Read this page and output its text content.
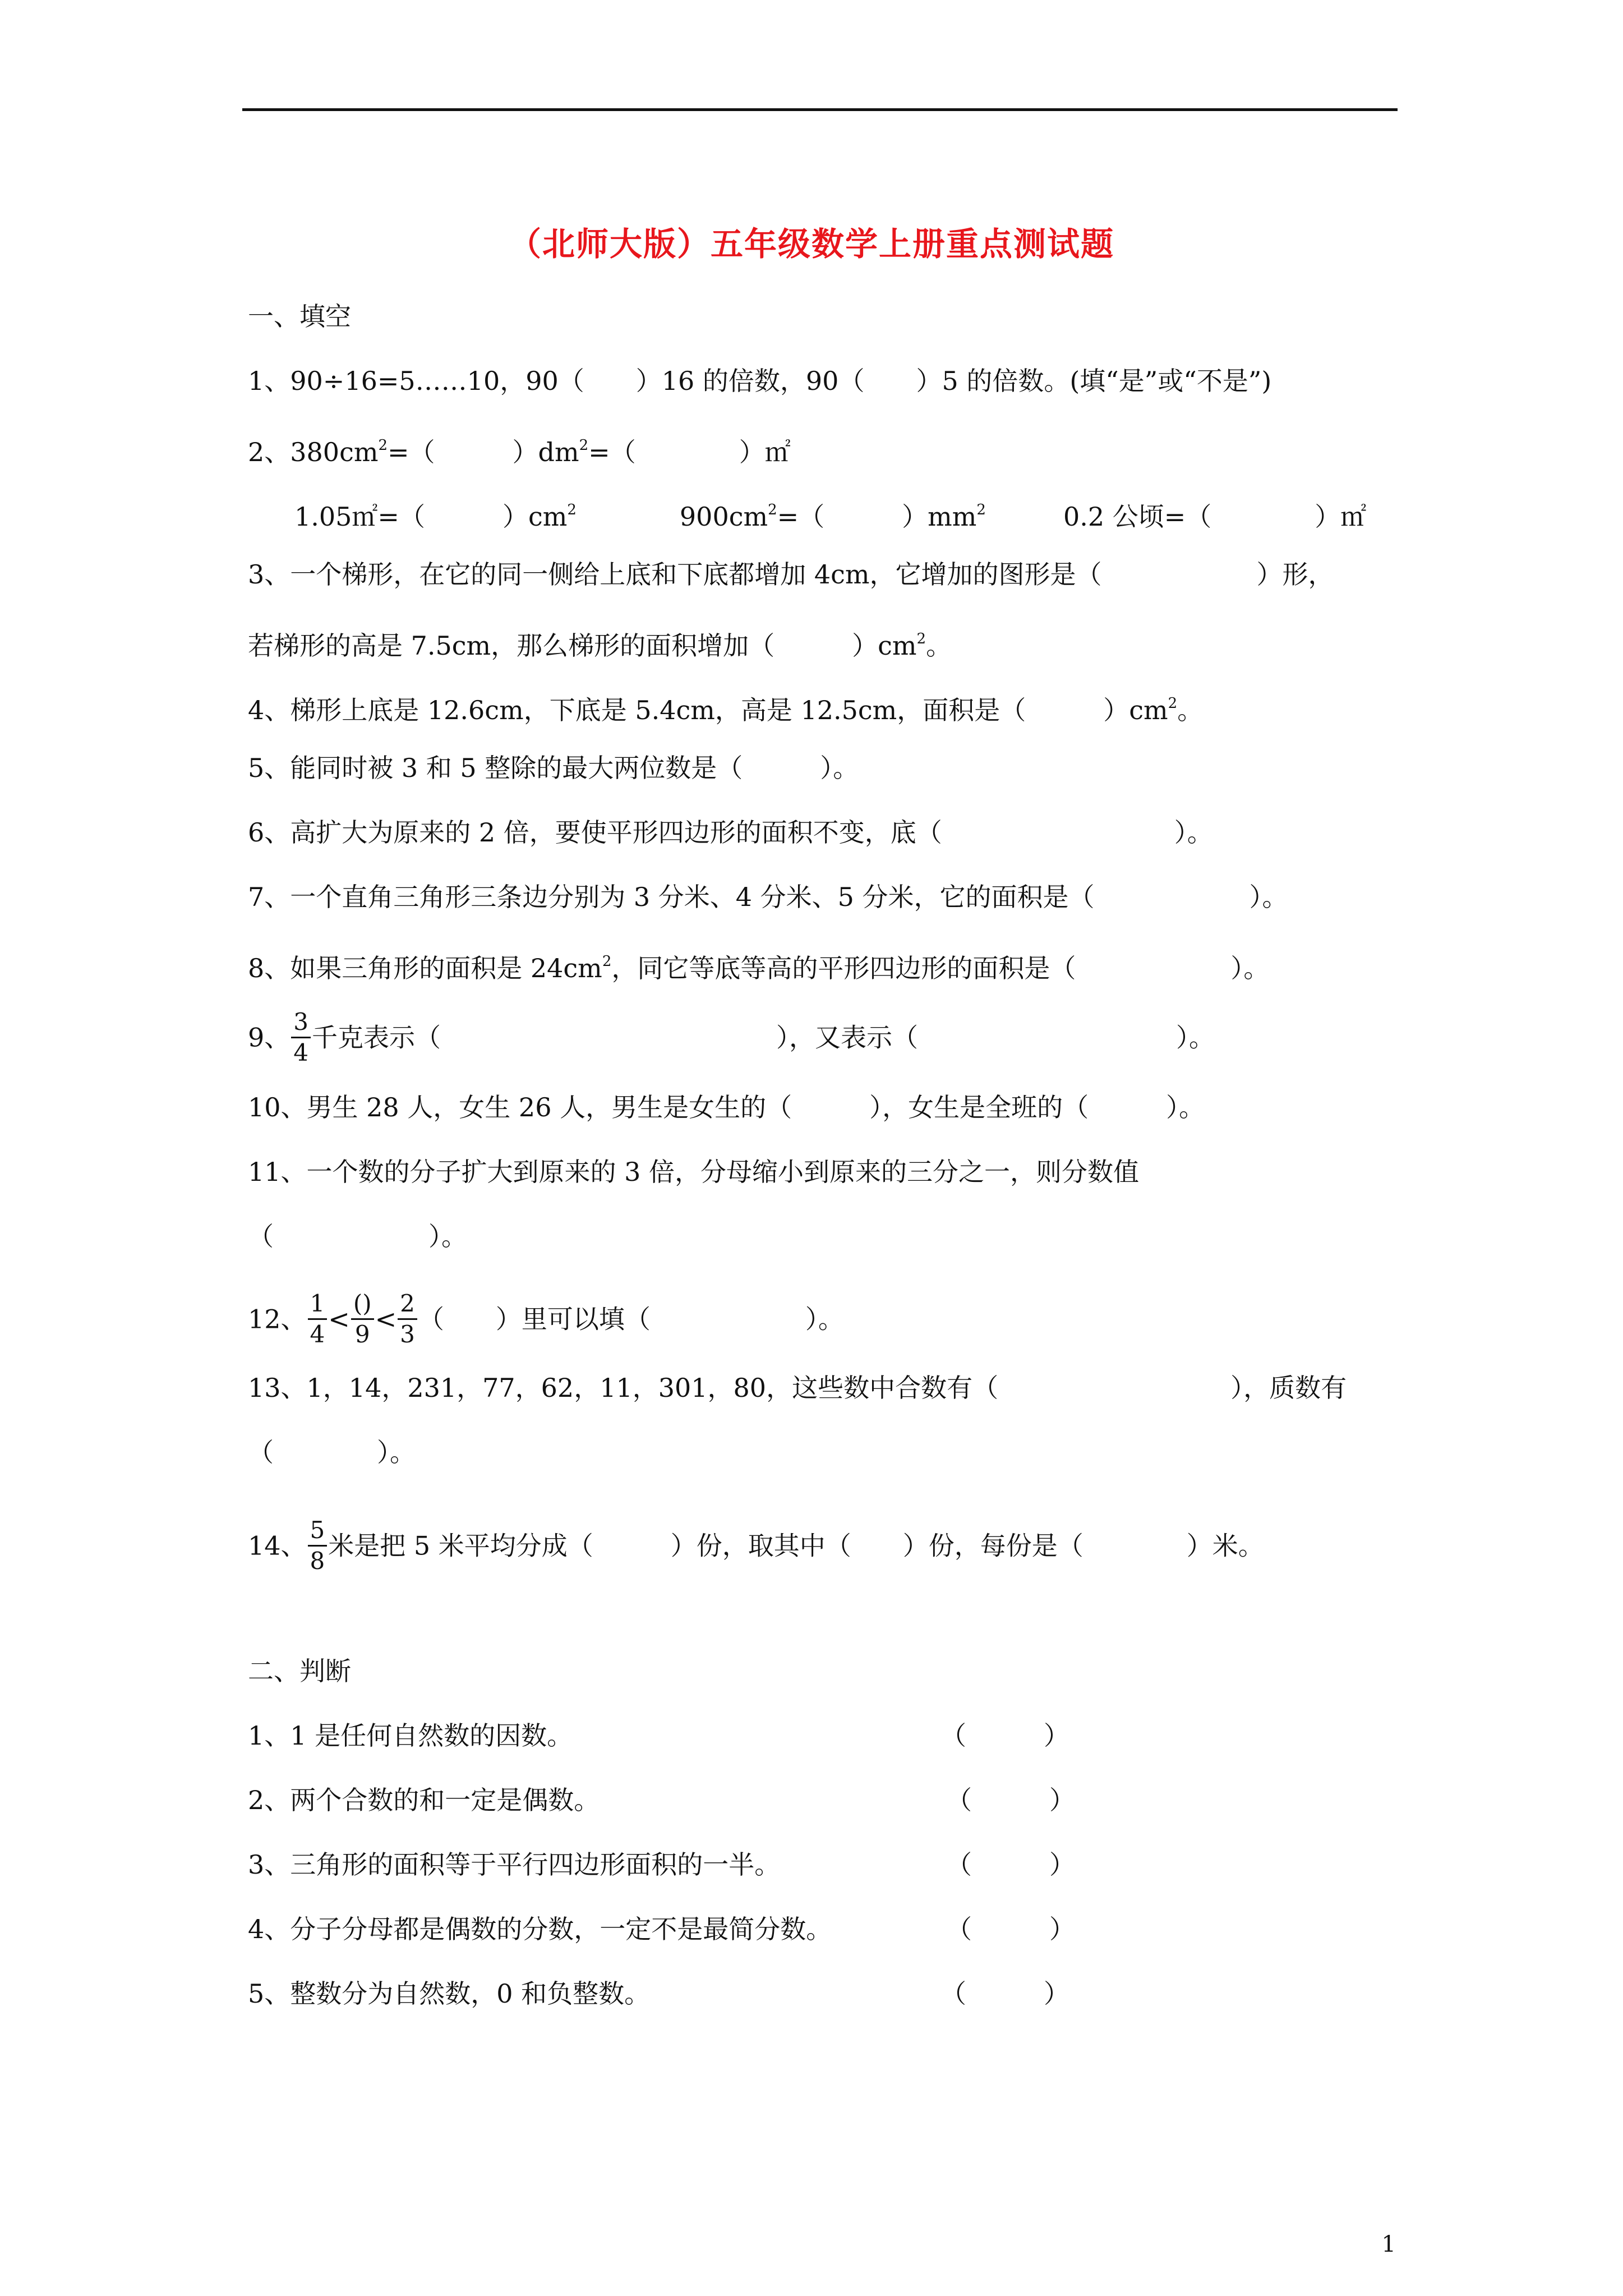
（北师大版）五年级数学上册重点测试题
一、填空
1、90÷16=5……10，90（　　）16 的倍数，90（　　）5 的倍数。(填“是”或“不是”)
2、$380cm^2=$（　　　）$dm^2=$（　　　　）㎡
1.05㎡=（　　　）$cm^2$　　　　$900cm^2=$（　　　）$mm^2$　　　0.2 公顷=（　　　　）㎡
3、一个梯形，在它的同一侧给上底和下底都增加 4cm，它增加的图形是（　　　　　　）形，
若梯形的高是 7.5cm，那么梯形的面积增加（　　　）$cm^2$。
4、梯形上底是 12.6cm，下底是 5.4cm，高是 12.5cm，面积是（　　　）$cm^2$。
5、能同时被 3 和 5 整除的最大两位数是（　　　）。
6、高扩大为原来的 2 倍，要使平形四边形的面积不变，底（　　　　　　　　　）。
7、一个直角三角形三条边分别为 3 分米、4 分米、5 分米，它的面积是（　　　　　　）。
8、如果三角形的面积是 $24cm^2$，同它等底等高的平形四边形的面积是（　　　　　　）。
9、 $\frac{3}{4}$ 千克表示（　　　　　　　　　　　　　），又表示（　　　　　　　　　　）。
10、男生 28 人，女生 26 人，男生是女生的（　　　），女生是全班的（　　　）。
11、一个数的分子扩大到原来的 3 倍，分母缩小到原来的三分之一，则分数值
（　　　　　　）。
12、 $\frac{1}{4} < \frac{()}{9} < \frac{2}{3}$ （　　）里可以填（　　　　　　）。
13、1，14，231，77，62，11，301，80，这些数中合数有（　　　　　　　　　），质数有
（　　　　）。
14、 $\frac{5}{8}$ 米是把 5 米平均分成（　　　）份，取其中（　　）份，每份是（　　　　）米。
二、判断
1、1 是任何自然数的因数。	（　　　）
2、两个合数的和一定是偶数。	（　　　）
3、三角形的面积等于平行四边形面积的一半。	（　　　）
4、分子分母都是偶数的分数，一定不是最简分数。	（　　　）
5、整数分为自然数，0 和负整数。	（　　　）
1
